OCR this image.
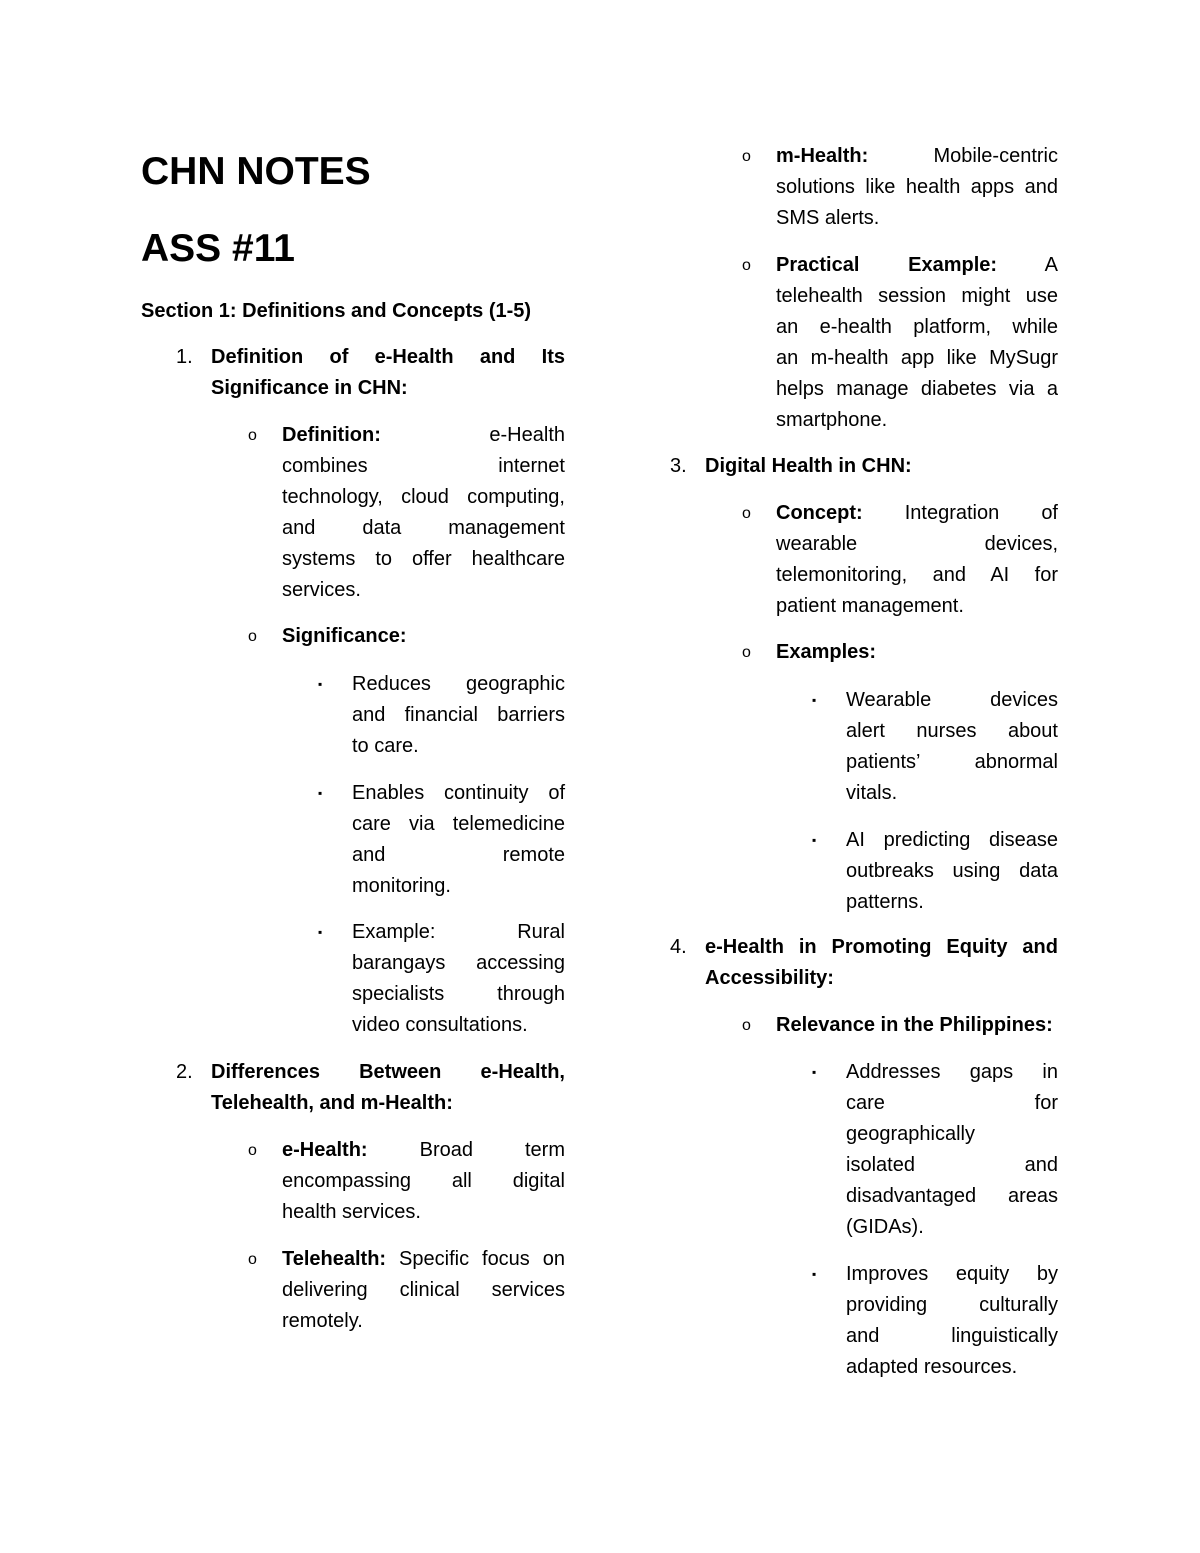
CHN NOTES
ASS #11
Section 1: Definitions and Concepts (1-5)
1. Definition of e-Health and Its
Significance in CHN:
o Definition: e-Health
combines internet
technology, cloud computing,
and data management
systems to offer healthcare
services.
o Significance:
▪ Reduces geographic
and financial barriers
to care.
▪ Enables continuity of
care via telemedicine
and remote
monitoring.
▪ Example: Rural
barangays accessing
specialists through
video consultations.
2. Differences Between e-Health,
Telehealth, and m-Health:
o e-Health: Broad term
encompassing all digital
health services.
o Telehealth: Specific focus on
delivering clinical services
remotely.
o m-Health: Mobile-centric
solutions like health apps and
SMS alerts.
o Practical Example: A
telehealth session might use
an e-health platform, while
an m-health app like MySugr
helps manage diabetes via a
smartphone.
3. Digital Health in CHN:
o Concept: Integration of
wearable devices,
telemonitoring, and AI for
patient management.
o Examples:
▪ Wearable devices
alert nurses about
patients’ abnormal
vitals.
▪ AI predicting disease
outbreaks using data
patterns.
4. e-Health in Promoting Equity and
Accessibility:
o Relevance in the Philippines:
▪ Addresses gaps in
care for
geographically
isolated and
disadvantaged areas
(GIDAs).
▪ Improves equity by
providing culturally
and linguistically
adapted resources.
